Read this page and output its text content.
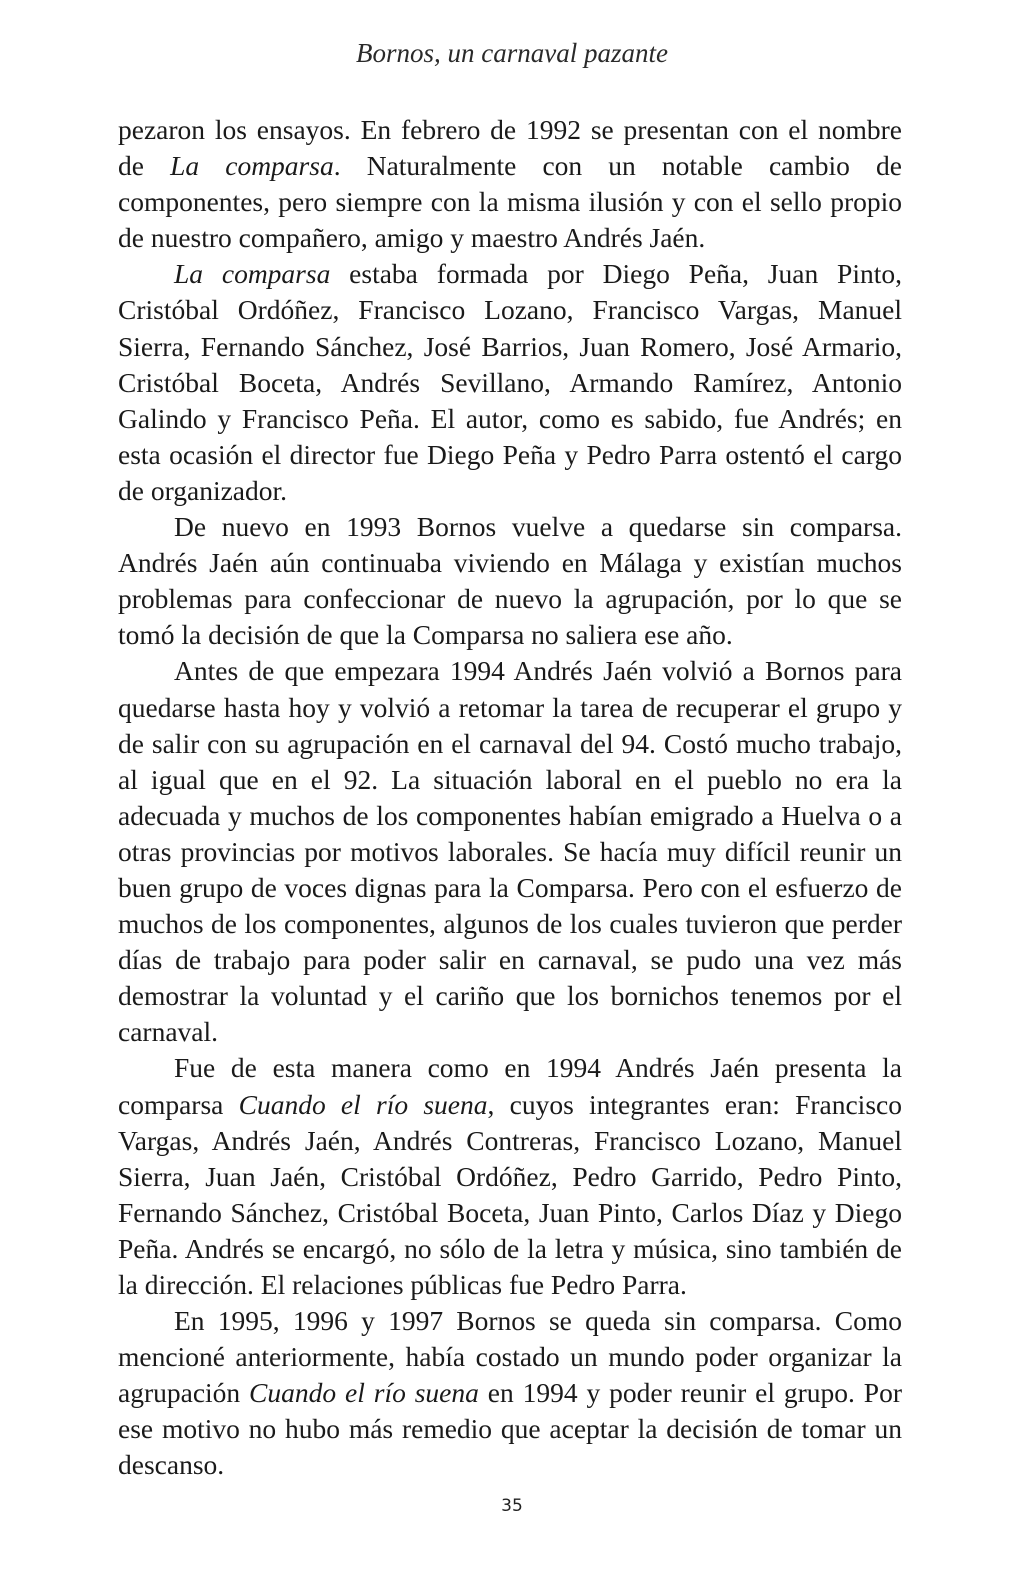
Bornos, un carnaval pazante

pezaron los ensayos. En febrero de 1992 se presentan con el nombre de La comparsa. Naturalmente con un notable cambio de componentes, pero siempre con la misma ilusión y con el sello propio de nuestro compañero, amigo y maestro Andrés Jaén.

La comparsa estaba formada por Diego Peña, Juan Pinto, Cristóbal Ordóñez, Francisco Lozano, Francisco Vargas, Manuel Sierra, Fernando Sánchez, José Barrios, Juan Romero, José Armario, Cristóbal Boceta, Andrés Sevillano, Armando Ramírez, Antonio Galindo y Francisco Peña. El autor, como es sabido, fue Andrés; en esta ocasión el director fue Diego Peña y Pedro Parra ostentó el cargo de organizador.

De nuevo en 1993 Bornos vuelve a quedarse sin comparsa. Andrés Jaén aún continuaba viviendo en Málaga y existían muchos problemas para confeccionar de nuevo la agrupación, por lo que se tomó la decisión de que la Comparsa no saliera ese año.

Antes de que empezara 1994 Andrés Jaén volvió a Bornos para quedarse hasta hoy y volvió a retomar la tarea de recuperar el grupo y de salir con su agrupación en el carnaval del 94. Costó mucho trabajo, al igual que en el 92. La situación laboral en el pueblo no era la adecuada y muchos de los componentes habían emigrado a Huelva o a otras provincias por motivos laborales. Se hacía muy difícil reunir un buen grupo de voces dignas para la Comparsa. Pero con el esfuerzo de muchos de los componentes, algunos de los cuales tuvieron que perder días de trabajo para poder salir en carnaval, se pudo una vez más demostrar la voluntad y el cariño que los bornichos tenemos por el carnaval.

Fue de esta manera como en 1994 Andrés Jaén presenta la comparsa Cuando el río suena, cuyos integrantes eran: Francisco Vargas, Andrés Jaén, Andrés Contreras, Francisco Lozano, Manuel Sierra, Juan Jaén, Cristóbal Ordóñez, Pedro Garrido, Pedro Pinto, Fernando Sánchez, Cristóbal Boceta, Juan Pinto, Carlos Díaz y Diego Peña. Andrés se encargó, no sólo de la letra y música, sino también de la dirección. El relaciones públicas fue Pedro Parra.

En 1995, 1996 y 1997 Bornos se queda sin comparsa. Como mencioné anteriormente, había costado un mundo poder organizar la agrupación Cuando el río suena en 1994 y poder reunir el grupo. Por ese motivo no hubo más remedio que aceptar la decisión de tomar un descanso.

35
